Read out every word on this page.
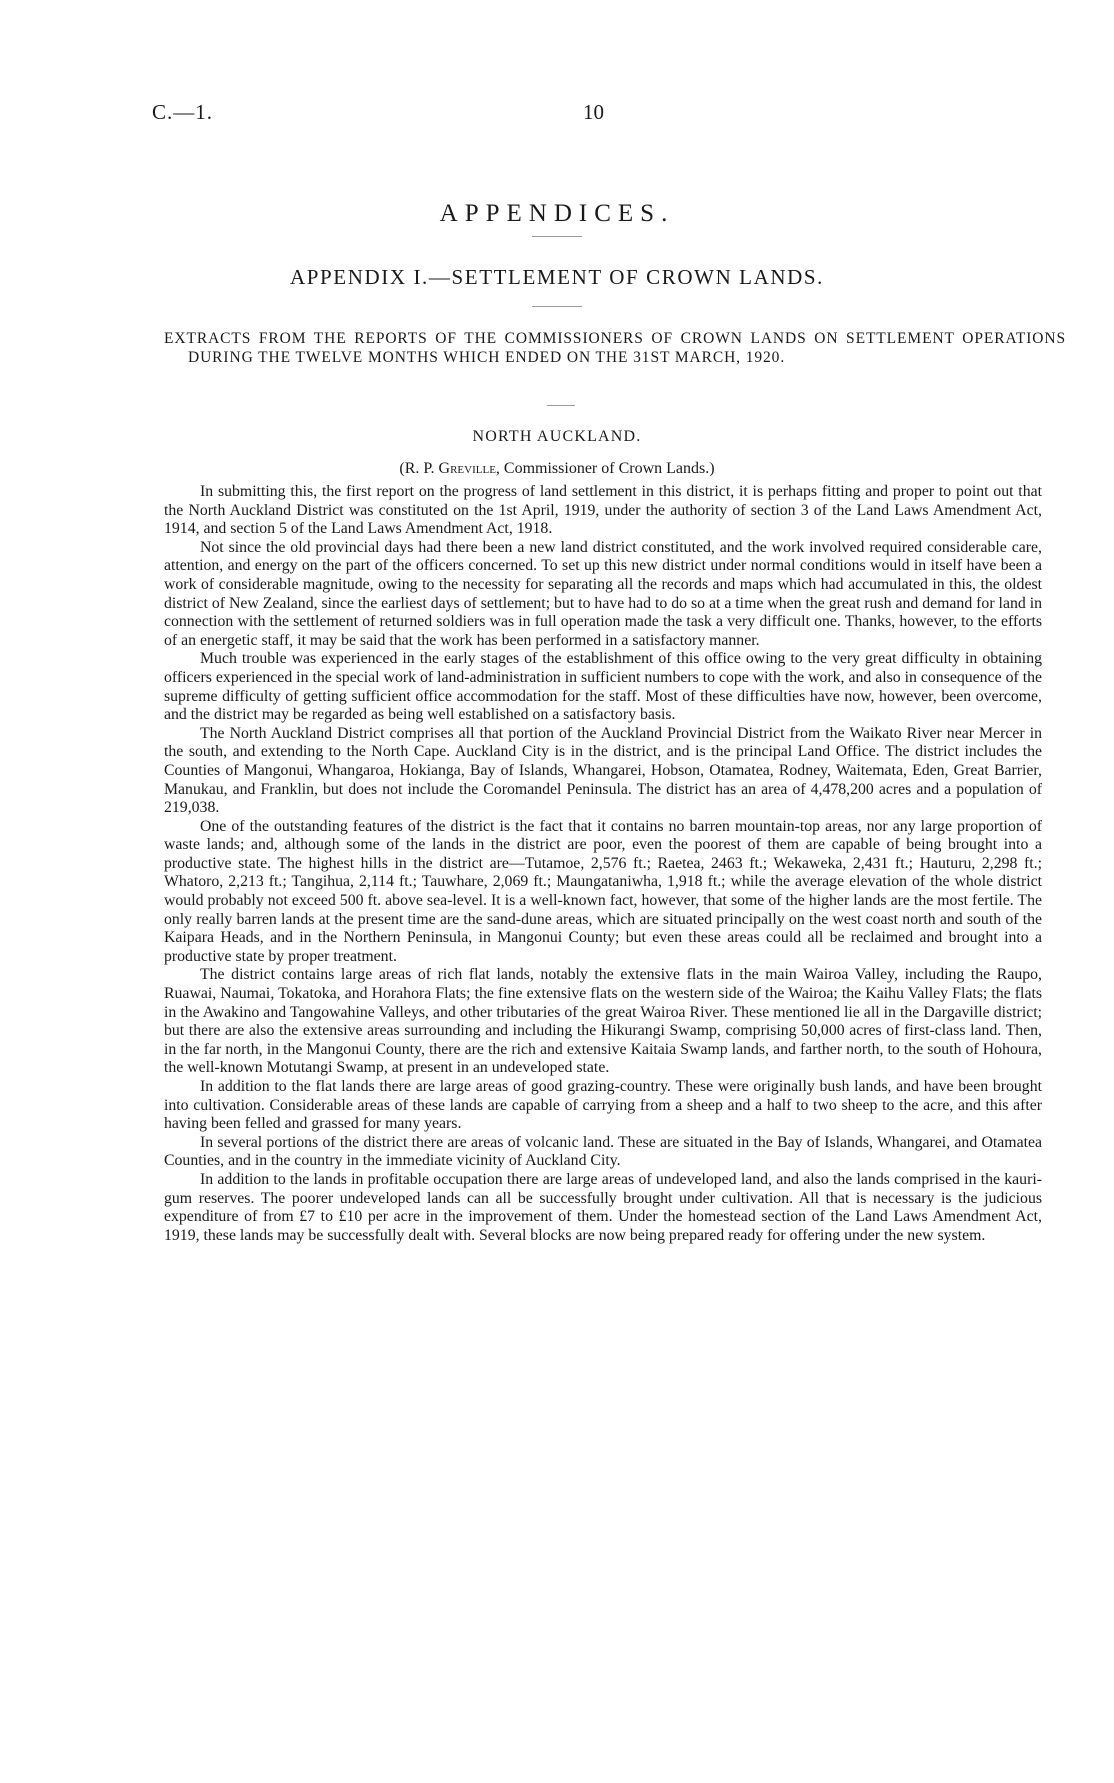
C.—1.	10
APPENDICES.
APPENDIX I.—SETTLEMENT OF CROWN LANDS.
EXTRACTS FROM THE REPORTS OF THE COMMISSIONERS OF CROWN LANDS ON SETTLEMENT OPERATIONS DURING THE TWELVE MONTHS WHICH ENDED ON THE 31ST MARCH, 1920.
NORTH AUCKLAND.
(R. P. Greville, Commissioner of Crown Lands.)

In submitting this, the first report on the progress of land settlement in this district, it is perhaps fitting and proper to point out that the North Auckland District was constituted on the 1st April, 1919, under the authority of section 3 of the Land Laws Amendment Act, 1914, and section 5 of the Land Laws Amendment Act, 1918.

Not since the old provincial days had there been a new land district constituted, and the work involved required considerable care, attention, and energy on the part of the officers concerned. To set up this new district under normal conditions would in itself have been a work of considerable magnitude, owing to the necessity for separating all the records and maps which had accumulated in this, the oldest district of New Zealand, since the earliest days of settlement; but to have had to do so at a time when the great rush and demand for land in connection with the settlement of returned soldiers was in full operation made the task a very difficult one. Thanks, however, to the efforts of an energetic staff, it may be said that the work has been performed in a satisfactory manner.

Much trouble was experienced in the early stages of the establishment of this office owing to the very great difficulty in obtaining officers experienced in the special work of land-administration in sufficient numbers to cope with the work, and also in consequence of the supreme difficulty of getting sufficient office accommodation for the staff. Most of these difficulties have now, however, been overcome, and the district may be regarded as being well established on a satisfactory basis.

The North Auckland District comprises all that portion of the Auckland Provincial District from the Waikato River near Mercer in the south, and extending to the North Cape. Auckland City is in the district, and is the principal Land Office. The district includes the Counties of Mangonui, Whangaroa, Hokianga, Bay of Islands, Whangarei, Hobson, Otamatea, Rodney, Waitemata, Eden, Great Barrier, Manukau, and Franklin, but does not include the Coromandel Peninsula. The district has an area of 4,478,200 acres and a population of 219,038.

One of the outstanding features of the district is the fact that it contains no barren mountain-top areas, nor any large proportion of waste lands; and, although some of the lands in the district are poor, even the poorest of them are capable of being brought into a productive state. The highest hills in the district are—Tutamoe, 2,576 ft.; Raetea, 2463 ft.; Wekaweka, 2,431 ft.; Hauturu, 2,298 ft.; Whatoro, 2,213 ft.; Tangihua, 2,114 ft.; Tauwhare, 2,069 ft.; Maungataniwha, 1,918 ft.; while the average elevation of the whole district would probably not exceed 500 ft. above sea-level. It is a well-known fact, however, that some of the higher lands are the most fertile. The only really barren lands at the present time are the sand-dune areas, which are situated principally on the west coast north and south of the Kaipara Heads, and in the Northern Peninsula, in Mangonui County; but even these areas could all be reclaimed and brought into a productive state by proper treatment.

The district contains large areas of rich flat lands, notably the extensive flats in the main Wairoa Valley, including the Raupo, Ruawai, Naumai, Tokatoka, and Horahora Flats; the fine extensive flats on the western side of the Wairoa; the Kaihu Valley Flats; the flats in the Awakino and Tangowahine Valleys, and other tributaries of the great Wairoa River. These mentioned lie all in the Dargaville district; but there are also the extensive areas surrounding and including the Hikurangi Swamp, comprising 50,000 acres of first-class land. Then, in the far north, in the Mangonui County, there are the rich and extensive Kaitaia Swamp lands, and farther north, to the south of Hohoura, the well-known Motutangi Swamp, at present in an undeveloped state.

In addition to the flat lands there are large areas of good grazing-country. These were originally bush lands, and have been brought into cultivation. Considerable areas of these lands are capable of carrying from a sheep and a half to two sheep to the acre, and this after having been felled and grassed for many years.

In several portions of the district there are areas of volcanic land. These are situated in the Bay of Islands, Whangarei, and Otamatea Counties, and in the country in the immediate vicinity of Auckland City.

In addition to the lands in profitable occupation there are large areas of undeveloped land, and also the lands comprised in the kauri-gum reserves. The poorer undeveloped lands can all be successfully brought under cultivation. All that is necessary is the judicious expenditure of from £7 to £10 per acre in the improvement of them. Under the homestead section of the Land Laws Amendment Act, 1919, these lands may be successfully dealt with. Several blocks are now being prepared ready for offering under the new system.
